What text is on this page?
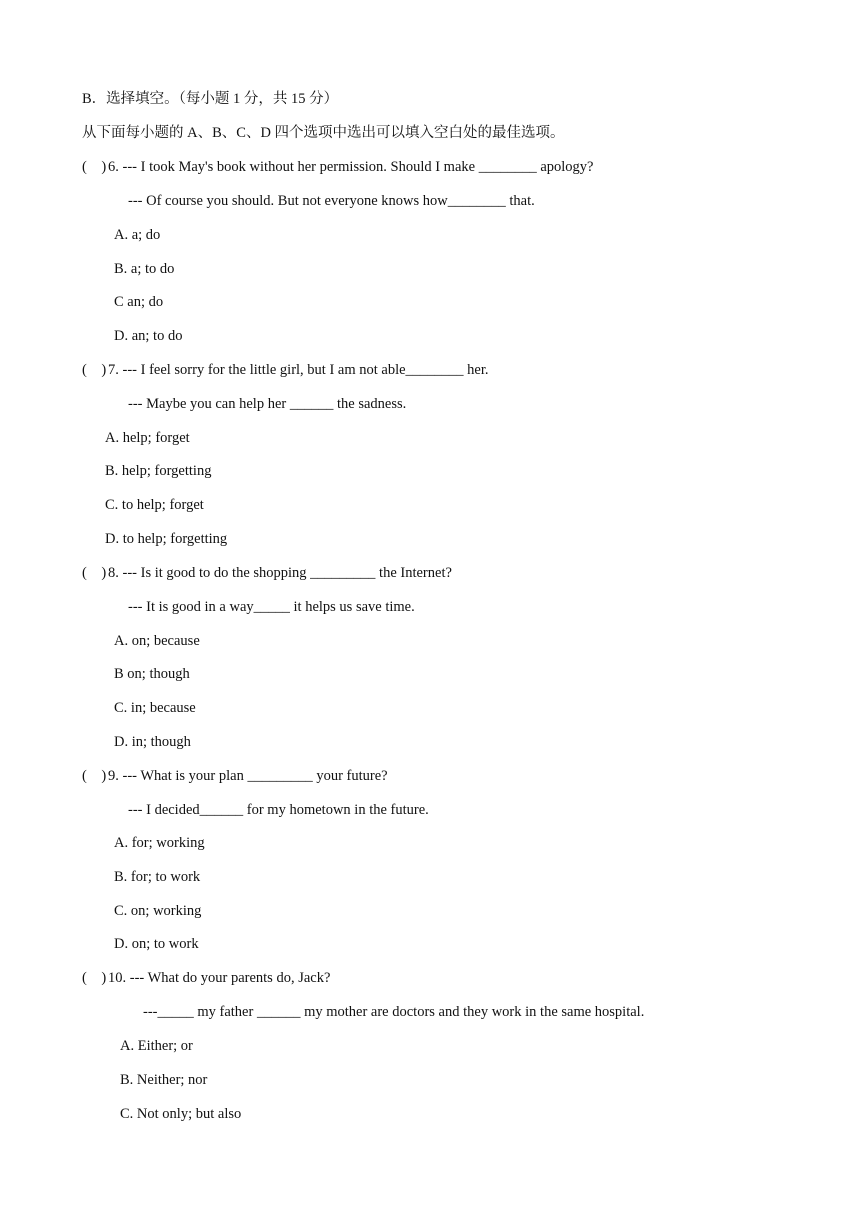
B．选择填空。（每小题 1 分，共 15 分）
从下面每小题的 A、B、C、D 四个选项中选出可以填入空白处的最佳选项。
(    ) 6. --- I took May's book without her permission. Should I make ________ apology?
--- Of course you should. But not everyone knows how________ that.
A. a; do
B. a; to do
C an; do
D. an; to do
(    ) 7. --- I feel sorry for the little girl, but I am not able________ her.
--- Maybe you can help her ______ the sadness.
A. help; forget
B. help; forgetting
C. to help; forget
D. to help; forgetting
(    ) 8. --- Is it good to do the shopping _________ the Internet?
--- It is good in a way_____ it helps us save time.
A. on; because
B on; though
C. in; because
D. in; though
(    ) 9. --- What is your plan _________ your future?
--- I decided______ for my hometown in the future.
A. for; working
B. for; to work
C. on; working
D. on; to work
(    ) 10. --- What do your parents do, Jack?
---_____ my father ______ my mother are doctors and they work in the same hospital.
A. Either; or
B. Neither; nor
C. Not only; but also
